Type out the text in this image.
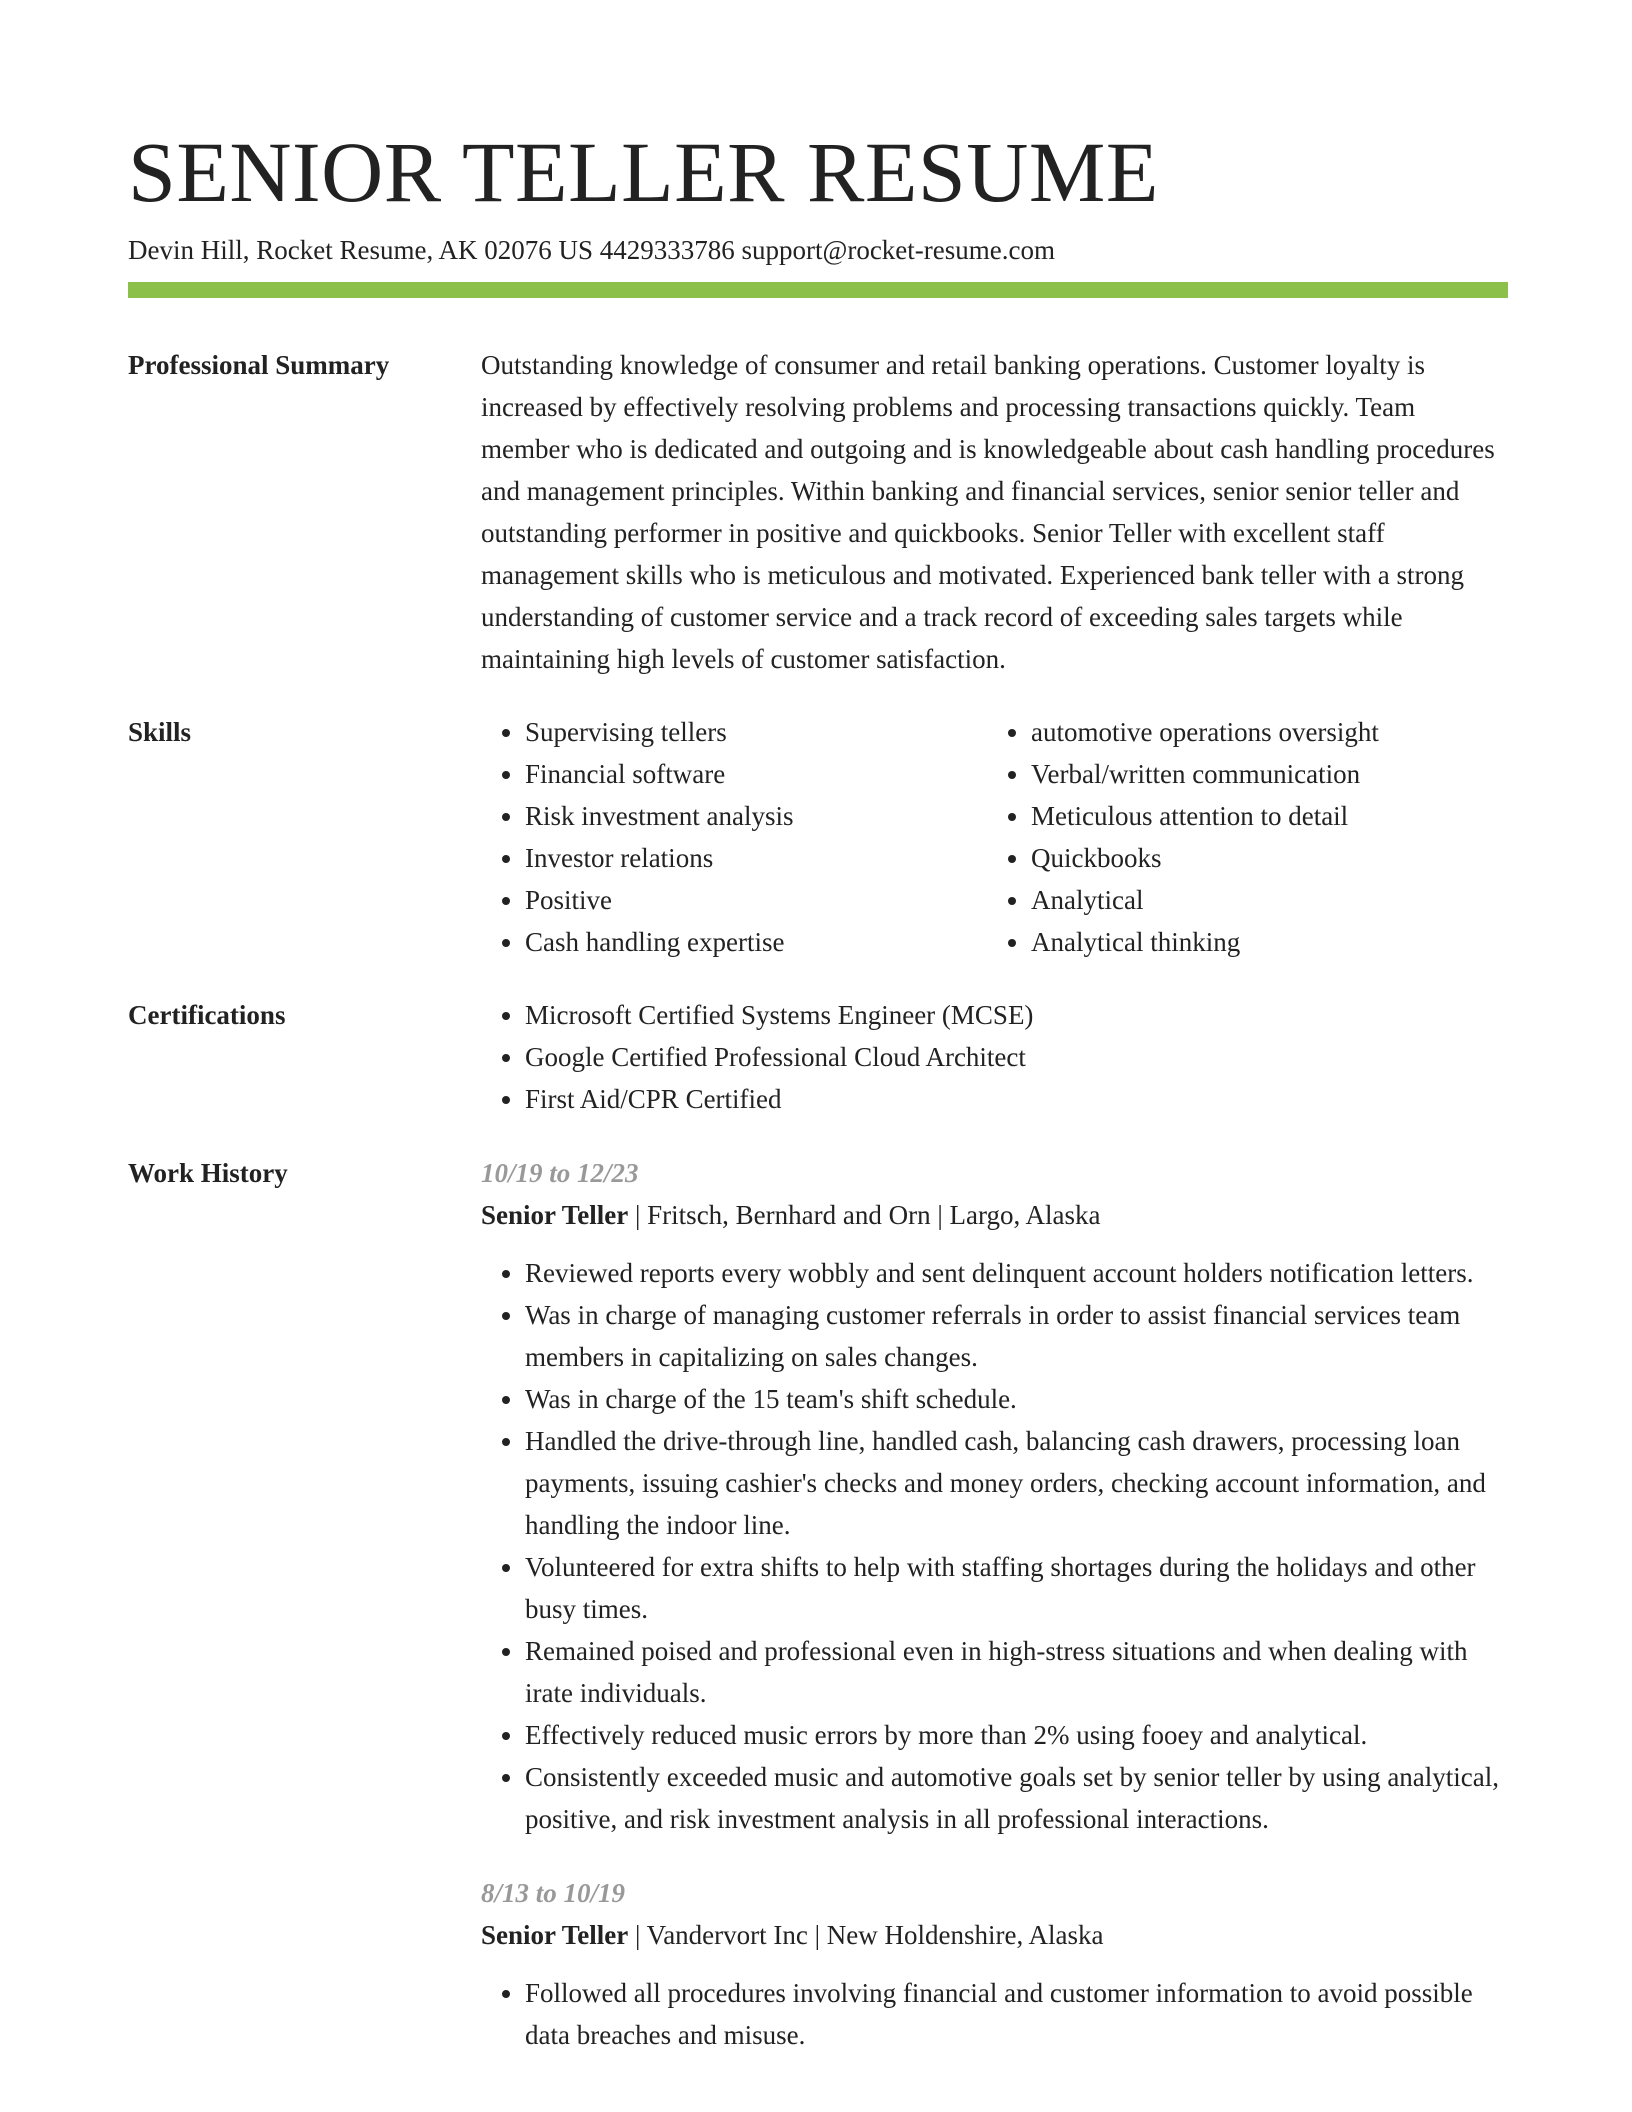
SENIOR TELLER RESUME
Devin Hill, Rocket Resume, AK 02076 US 4429333786 support@rocket-resume.com
Professional Summary	Outstanding knowledge of consumer and retail banking operations. Customer loyalty is increased by effectively resolving problems and processing transactions quickly. Team member who is dedicated and outgoing and is knowledgeable about cash handling procedures and management principles. Within banking and financial services, senior senior teller and outstanding performer in positive and quickbooks. Senior Teller with excellent staff management skills who is meticulous and motivated. Experienced bank teller with a strong understanding of customer service and a track record of exceeding sales targets while maintaining high levels of customer satisfaction.

Skills	• Supervising tellers
• Financial software
• Risk investment analysis
• Investor relations
• Positive
• Cash handling expertise
• automotive operations oversight
• Verbal/written communication
• Meticulous attention to detail
• Quickbooks
• Analytical
• Analytical thinking
Certifications	• Microsoft Certified Systems Engineer (MCSE)
• Google Certified Professional Cloud Architect
• First Aid/CPR Certified
Work History	10/19 to 12/23
Senior Teller | Fritsch, Bernhard and Orn | Largo, Alaska
• Reviewed reports every wobbly and sent delinquent account holders notification letters.
• Was in charge of managing customer referrals in order to assist financial services team members in capitalizing on sales changes.
• Was in charge of the 15 team's shift schedule.
• Handled the drive-through line, handled cash, balancing cash drawers, processing loan payments, issuing cashier's checks and money orders, checking account information, and handling the indoor line.
• Volunteered for extra shifts to help with staffing shortages during the holidays and other busy times.
• Remained poised and professional even in high-stress situations and when dealing with irate individuals.
• Effectively reduced music errors by more than 2% using fooey and analytical.
• Consistently exceeded music and automotive goals set by senior teller by using analytical, positive, and risk investment analysis in all professional interactions.
8/13 to 10/19
Senior Teller | Vandervort Inc | New Holdenshire, Alaska
• Followed all procedures involving financial and customer information to avoid possible data breaches and misuse.
